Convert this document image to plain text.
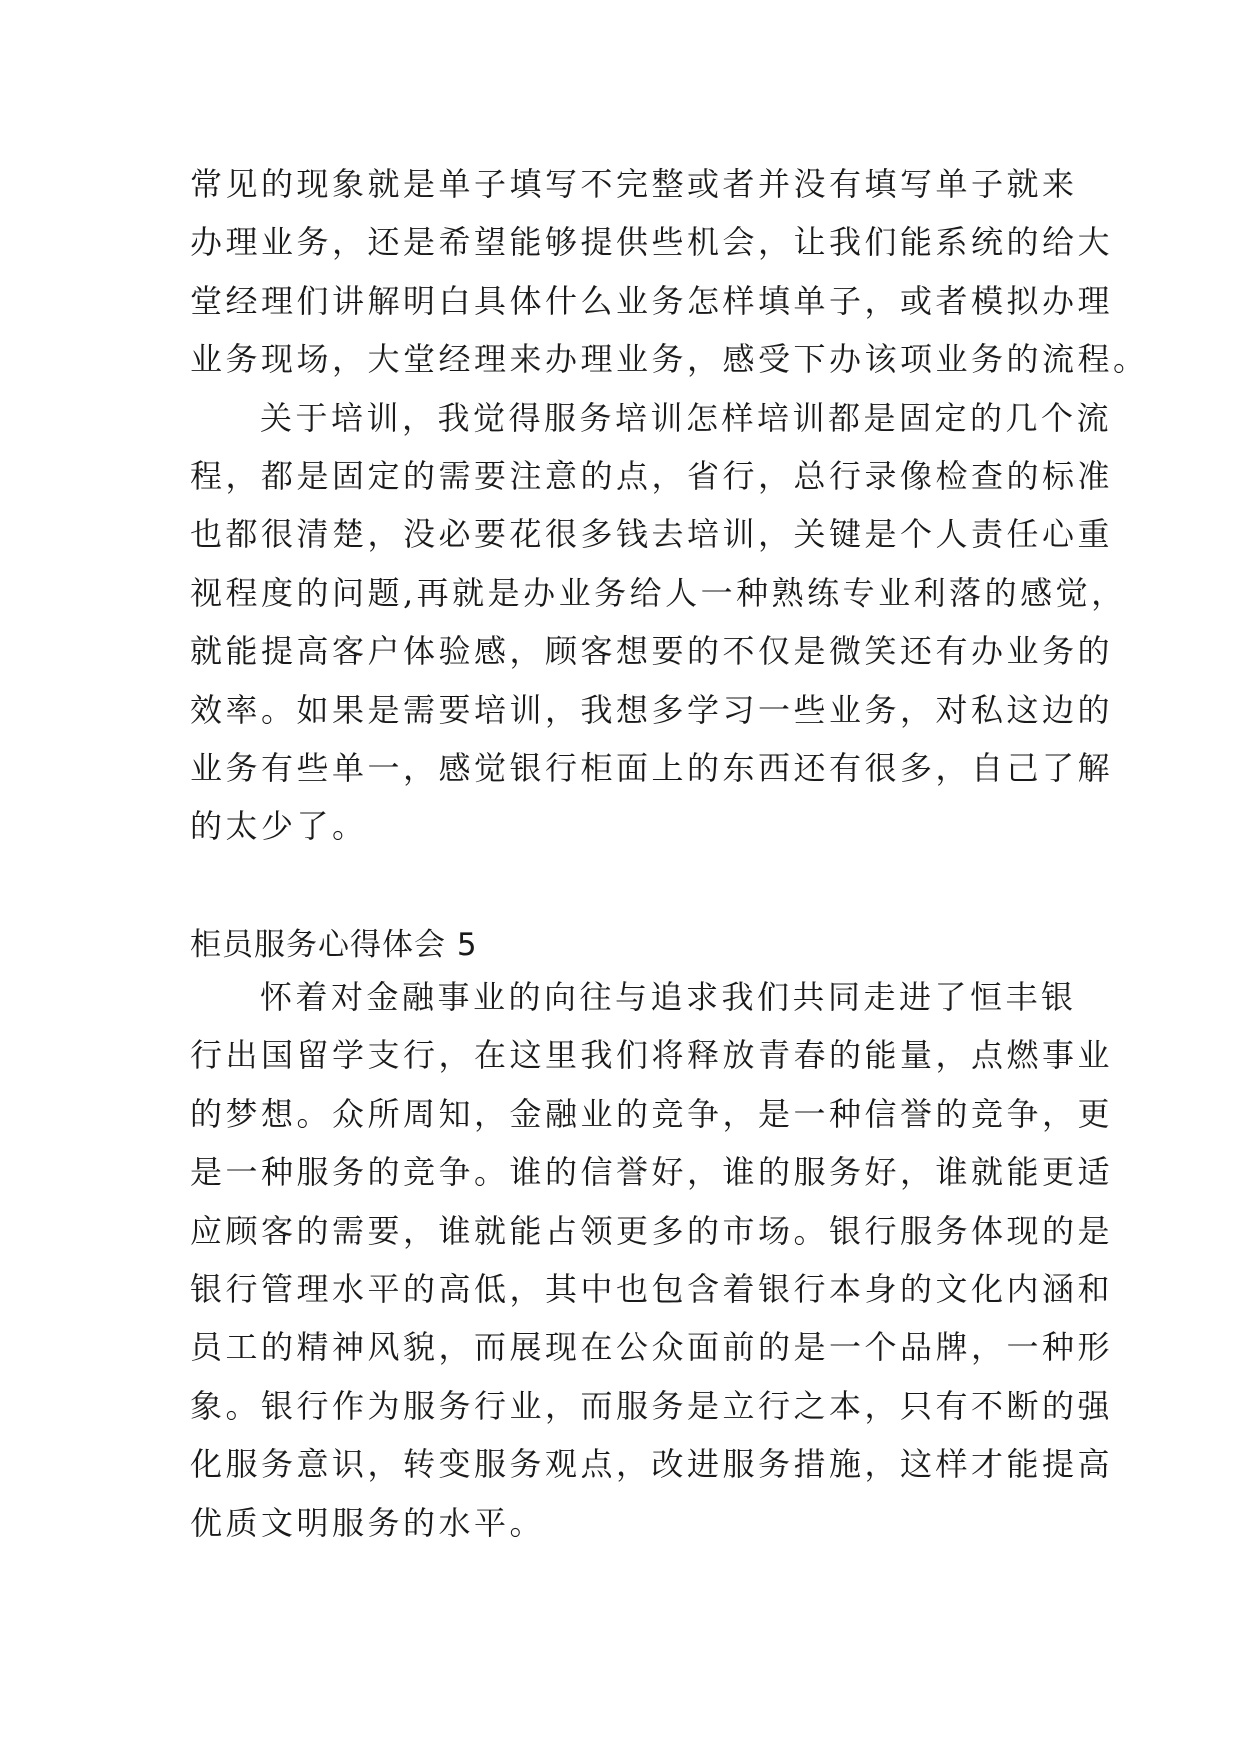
常见的现象就是单子填写不完整或者并没有填写单子就来
办理业务，还是希望能够提供些机会，让我们能系统的给大
堂经理们讲解明白具体什么业务怎样填单子，或者模拟办理
业务现场，大堂经理来办理业务，感受下办该项业务的流程。
关于培训，我觉得服务培训怎样培训都是固定的几个流
程，都是固定的需要注意的点，省行，总行录像检查的标准
也都很清楚，没必要花很多钱去培训，关键是个人责任心重
视程度的问题,再就是办业务给人一种熟练专业利落的感觉，
就能提高客户体验感，顾客想要的不仅是微笑还有办业务的
效率。如果是需要培训，我想多学习一些业务，对私这边的
业务有些单一，感觉银行柜面上的东西还有很多，自己了解
的太少了。
柜员服务心得体会 5
怀着对金融事业的向往与追求我们共同走进了恒丰银
行出国留学支行，在这里我们将释放青春的能量，点燃事业
的梦想。众所周知，金融业的竞争，是一种信誉的竞争，更
是一种服务的竞争。谁的信誉好，谁的服务好，谁就能更适
应顾客的需要，谁就能占领更多的市场。银行服务体现的是
银行管理水平的高低，其中也包含着银行本身的文化内涵和
员工的精神风貌，而展现在公众面前的是一个品牌，一种形
象。银行作为服务行业，而服务是立行之本，只有不断的强
化服务意识，转变服务观点，改进服务措施，这样才能提高
优质文明服务的水平。
